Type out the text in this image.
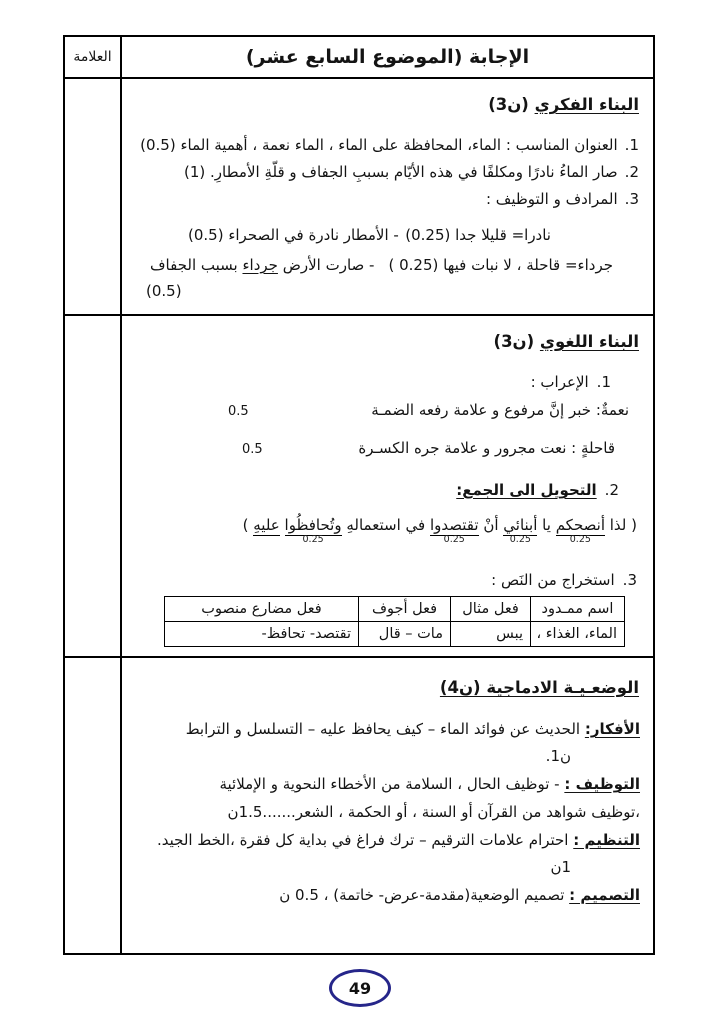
العلامة	الإجابة (الموضوع السابع عشر)
البناء الفكري (ن3)
1.
العنوان المناسب : الماء، المحافظة على الماء ، الماء نعمة ، أهمية الماء (0.5)
2.
صار الماءُ نادرًا ومكلفًا في هذه الأيّام بسببِ الجفاف و قلّةِ الأمطارِ. (1)
3.
المرادف و التوظيف :
نادرا= قليلا جدا (0.25)
- الأمطار نادرة في الصحراء (0.5)
جرداء= قاحلة ، لا نبات فيها (0.25 )
- صارت الأرض جرداء بسبب الجفاف
(0.5)
البناء اللغوي (ن3)
1.
الإعراب :
نعمةٌ: خبر إنَّ مرفوع و علامة رفعه الضمـة
0.5
قاحلةٍ : نعت مجرور و علامة جره الكسـرة
0.5
2.
التحويل الى الجمع:
( لذا أنصحكم
0.25
يا أبنائي
0.25
أنْ تقتصدوا
0.25
في استعمالهِ وتُحافظُوا
0.25
عليهِ )
3.
استخراج من النَص :
اسم ممـدود	فعل مثال	فعل أجوف	فعل مضارع منصوب
الماء، الغذاء ،	يبس	مات – قال	تقتصد- تحافظ-
الوضعـيـة الادماجية (ن4)
الأفكار: الحديث عن فوائد الماء – كيف يحافظ عليه – التسلسل و الترابط
ن1.
التوظيف : - توظيف الحال ، السلامة من الأخطاء النحوية و الإملائية
،توظيف شواهد من القرآن أو السنة ، أو الحكمة ، الشعر.......1.5ن
التنظيم : احترام علامات الترقيم – ترك فراغ في بداية كل فقرة ،الخط الجيد.
1ن
التصميم : تصميم الوضعية(مقدمة-عرض- خاتمة) ، 0.5 ن
49
